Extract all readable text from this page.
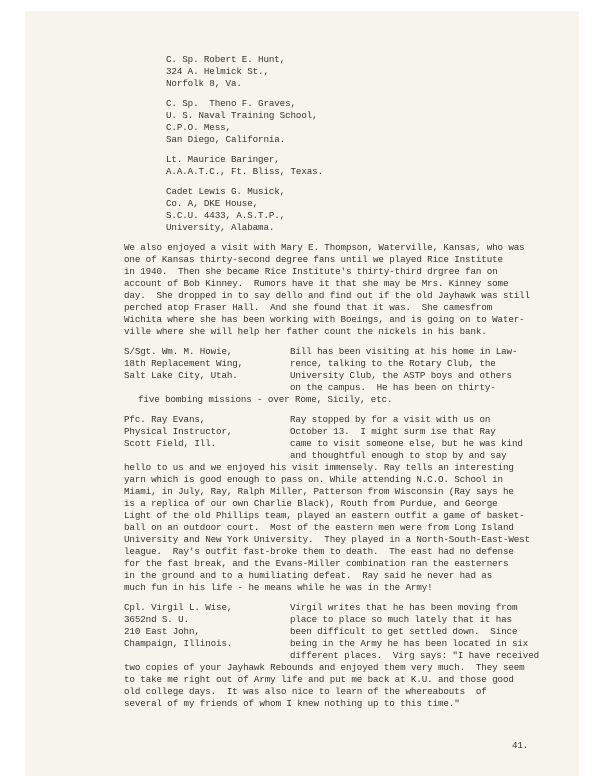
C. Sp. Robert E. Hunt,

324 A. Helmick St.,

Norfolk 8, Va.

C. Sp.  Theno F. Graves,

U. S. Naval Training School,

C.P.O. Mess,

San Diego, California.

Lt. Maurice Baringer,

A.A.A.T.C., Ft. Bliss, Texas.

Cadet Lewis G. Musick,

Co. A, DKE House,

S.C.U. 4433, A.S.T.P.,

University, Alabama.

We also enjoyed a visit with Mary E. Thompson, Waterville, Kansas, who was

one of Kansas thirty-second degree fans until we played Rice Institute

in 1940.  Then she became Rice Institute's thirty-third drgree fan on

account of Bob Kinney.  Rumors have it that she may be Mrs. Kinney some

day.  She dropped in to say dello and find out if the old Jayhawk was still

perched atop Fraser Hall.  And she found that it was.  She camesfrom

Wichita where she has been working with Boeings, and is going on to Water-

ville where she will help her father count the nickels in his bank.

S/Sgt. Wm. M. Howie,

18th Replacement Wing,

Salt Lake City, Utah.

Bill has been visiting at his home in Law-

rence, talking to the Rotary Club, the

University Club, the ASTP boys and others

on the campus.  He has been on thirty-

five bombing missions - over Rome, Sicily, etc.

Pfc. Ray Evans,

Physical Instructor,

Scott Field, Ill.

Ray stopped by for a visit with us on

October 13.  I might surm ise that Ray

came to visit someone else, but he was kind

and thoughtful enough to stop by and say

hello to us and we enjoyed his visit immensely. Ray tells an interesting

yarn which is good enough to pass on. While attending N.C.O. School in

Miami, in July, Ray, Ralph Miller, Patterson from Wisconsin (Ray says he

is a replica of our own Charlie Black), Routh from Purdue, and George

Light of the old Phillips team, played an eastern outfit a game of basket-

ball on an outdoor court.  Most of the eastern men were from Long Island

University and New York University.  They played in a North-South-East-West

league.  Ray's outfit fast-broke them to death.  The east had no defense

for the fast break, and the Evans-Miller combination ran the easterners

in the ground and to a humiliating defeat.  Ray said he never had as

much fun in his life - he means while he was in the Army!

Cpl. Virgil L. Wise,

3652nd S. U.

210 East John,

Champaign, Illinois.

Virgil writes that he has been moving from

place to place so much lately that it has

been difficult to get settled down.  Since

being in the Army he has been located in six

different places.  Virg says: "I have received

two copies of your Jayhawk Rebounds and enjoyed them very much.  They seem

to take me right out of Army life and put me back at K.U. and those good

old college days.  It was also nice to learn of the whereabouts  of

several of my friends of whom I knew nothing up to this time."

41.
